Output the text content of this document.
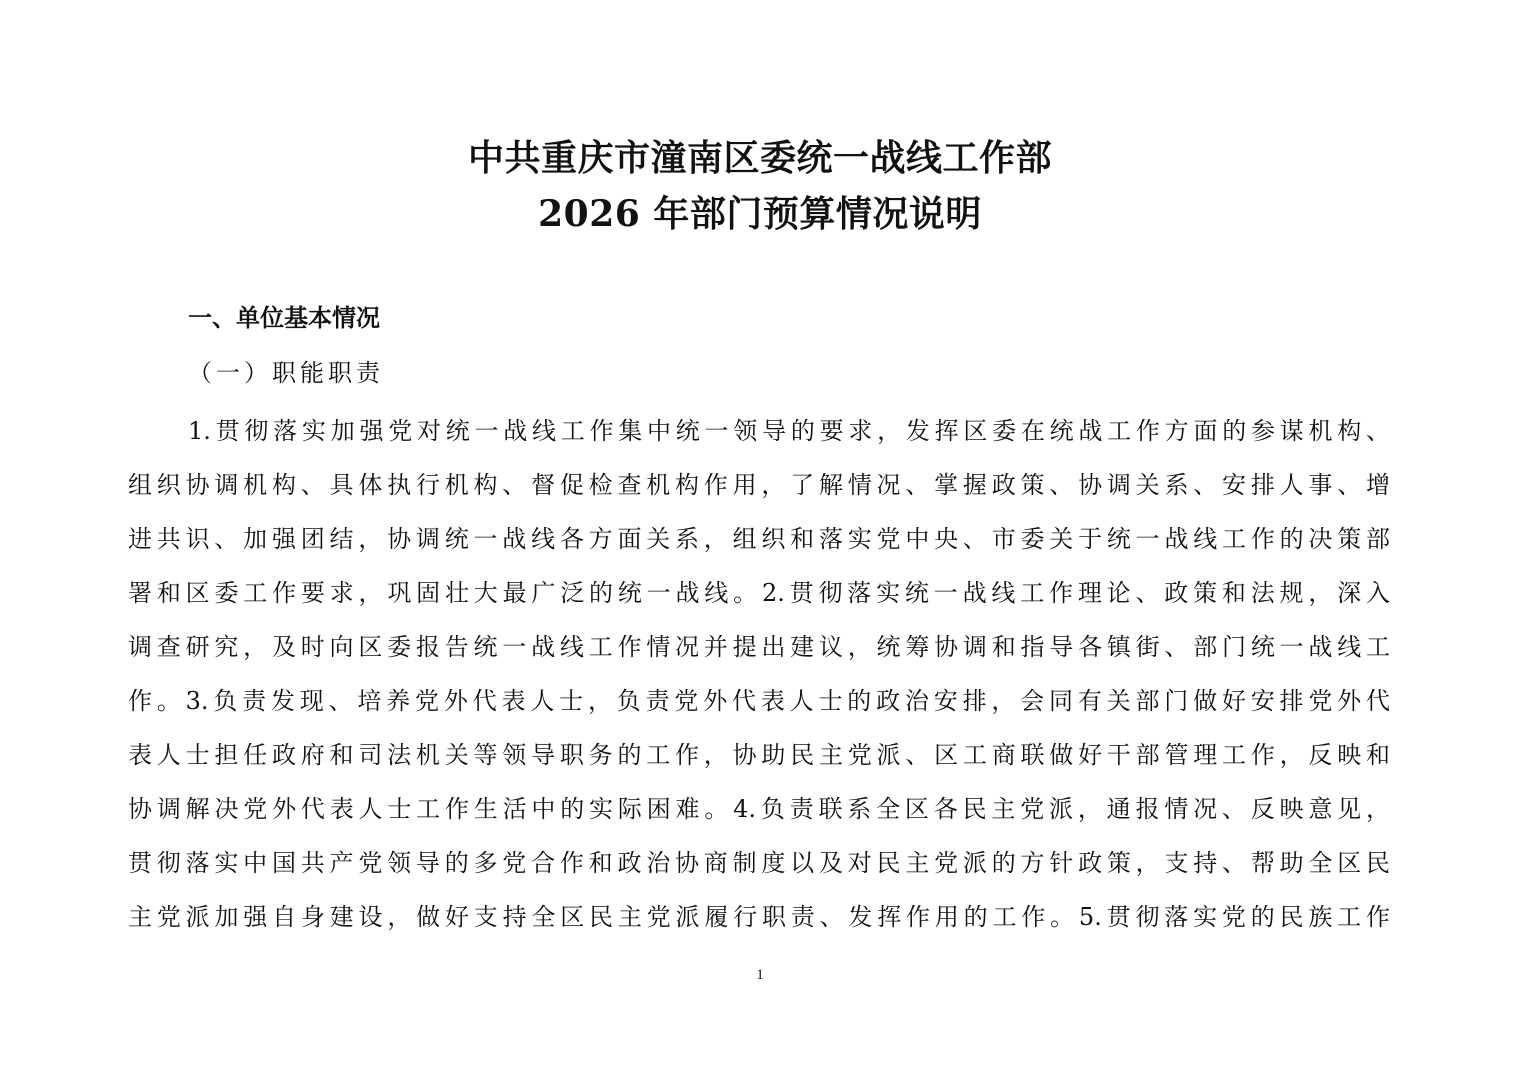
中共重庆市潼南区委统一战线工作部
2026 年部门预算情况说明
一、单位基本情况
（一）职能职责
1.贯彻落实加强党对统一战线工作集中统一领导的要求，发挥区委在统战工作方面的参谋机构、
组织协调机构、具体执行机构、督促检查机构作用，了解情况、掌握政策、协调关系、安排人事、增
进共识、加强团结，协调统一战线各方面关系，组织和落实党中央、市委关于统一战线工作的决策部
署和区委工作要求，巩固壮大最广泛的统一战线。2.贯彻落实统一战线工作理论、政策和法规，深入
调查研究，及时向区委报告统一战线工作情况并提出建议，统筹协调和指导各镇街、部门统一战线工
作。3.负责发现、培养党外代表人士，负责党外代表人士的政治安排，会同有关部门做好安排党外代
表人士担任政府和司法机关等领导职务的工作，协助民主党派、区工商联做好干部管理工作，反映和
协调解决党外代表人士工作生活中的实际困难。4.负责联系全区各民主党派，通报情况、反映意见，
贯彻落实中国共产党领导的多党合作和政治协商制度以及对民主党派的方针政策，支持、帮助全区民
主党派加强自身建设，做好支持全区民主党派履行职责、发挥作用的工作。5.贯彻落实党的民族工作
1
